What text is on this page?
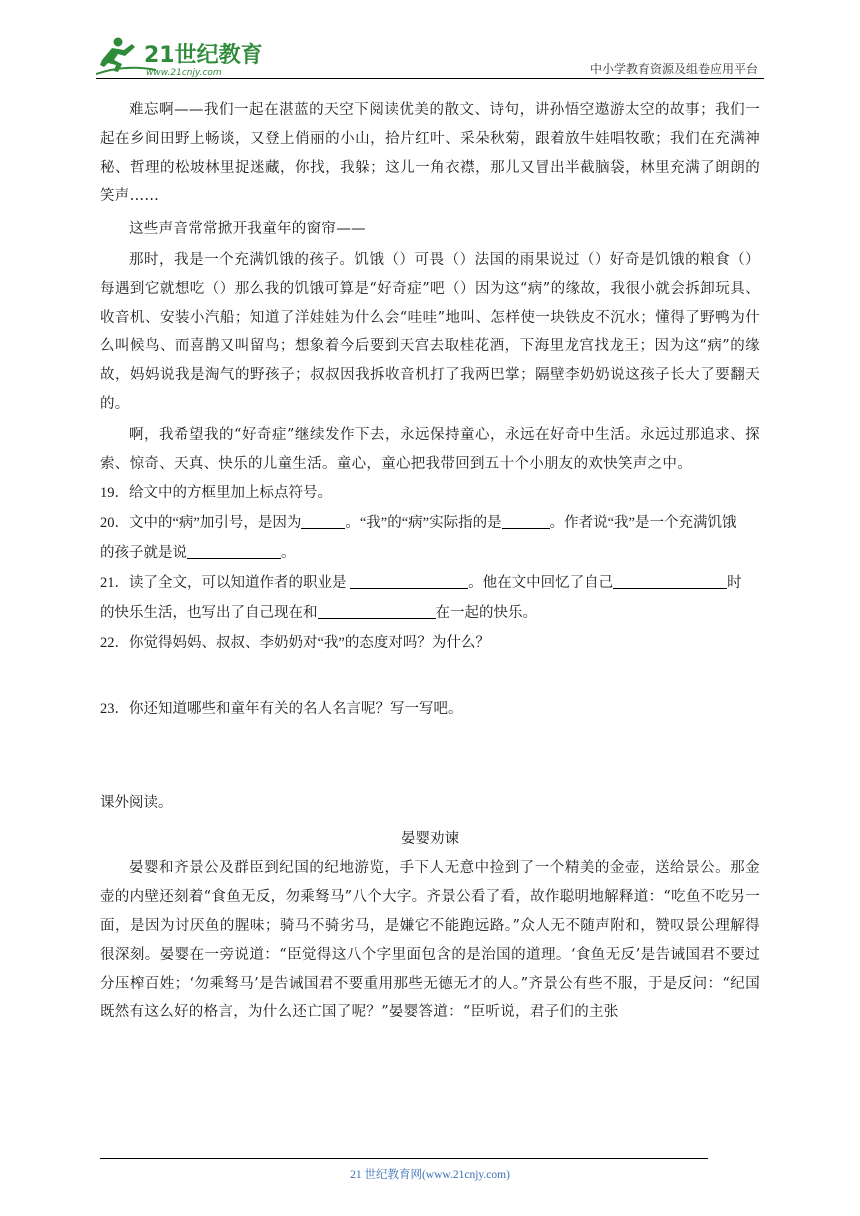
21世纪教育
www.21cnjy.com	中小学教育资源及组卷应用平台

难忘啊——我们一起在湛蓝的天空下阅读优美的散文、诗句，讲孙悟空遨游太空的故事；我们一起在乡间田野上畅谈，又登上俏丽的小山，拾片红叶、采朵秋菊，跟着放牛娃唱牧歌；我们在充满神秘、哲理的松坡林里捉迷藏，你找，我躲；这儿一角衣襟，那儿又冒出半截脑袋，林里充满了朗朗的笑声……

这些声音常常掀开我童年的窗帘——

那时，我是一个充满饥饿的孩子。饥饿（）可畏（）法国的雨果说过（）好奇是饥饿的粮食（）每遇到它就想吃（）那么我的饥饿可算是“好奇症”吧（）因为这“病”的缘故，我很小就会拆卸玩具、收音机、安装小汽船；知道了洋娃娃为什么会“哇哇”地叫、怎样使一块铁皮不沉水；懂得了野鸭为什么叫候鸟、而喜鹊又叫留鸟；想象着今后要到天宫去取桂花酒，下海里龙宫找龙王；因为这“病”的缘故，妈妈说我是淘气的野孩子；叔叔因我拆收音机打了我两巴掌；隔壁李奶奶说这孩子长大了要翻天的。

啊，我希望我的“好奇症”继续发作下去，永远保持童心，永远在好奇中生活。永远过那追求、探索、惊奇、天真、快乐的儿童生活。童心，童心把我带回到五十个小朋友的欢快笑声之中。

19．给文中的方框里加上标点符号。

20．文中的“病”加引号，是因为	。“我”的“病”实际指的是	。作者说“我”是一个充满饥饿
的孩子就是说	。

21．读了全文，可以知道作者的职业是	。他在文中回忆了自己	时
的快乐生活，也写出了自己现在和	在一起的快乐。

22．你觉得妈妈、叔叔、李奶奶对“我”的态度对吗？为什么？

23．你还知道哪些和童年有关的名人名言呢？写一写吧。

课外阅读。

晏婴劝谏

晏婴和齐景公及群臣到纪国的纪地游览，手下人无意中捡到了一个精美的金壶，送给景公。那金壶的内壁还刻着“食鱼无反，勿乘驽马”八个大字。齐景公看了看，故作聪明地解释道：“吃鱼不吃另一面，是因为讨厌鱼的腥味；骑马不骑劣马，是嫌它不能跑远路。”众人无不随声附和，赞叹景公理解得很深刻。晏婴在一旁说道：“臣觉得这八个字里面包含的是治国的道理。‘食鱼无反’是告诫国君不要过分压榨百姓；‘勿乘驽马’是告诫国君不要重用那些无德无才的人。”齐景公有些不服，于是反问：“纪国既然有这么好的格言，为什么还亡国了呢？”晏婴答道：“臣听说，君子们的主张

21 世纪教育网(www.21cnjy.com)
